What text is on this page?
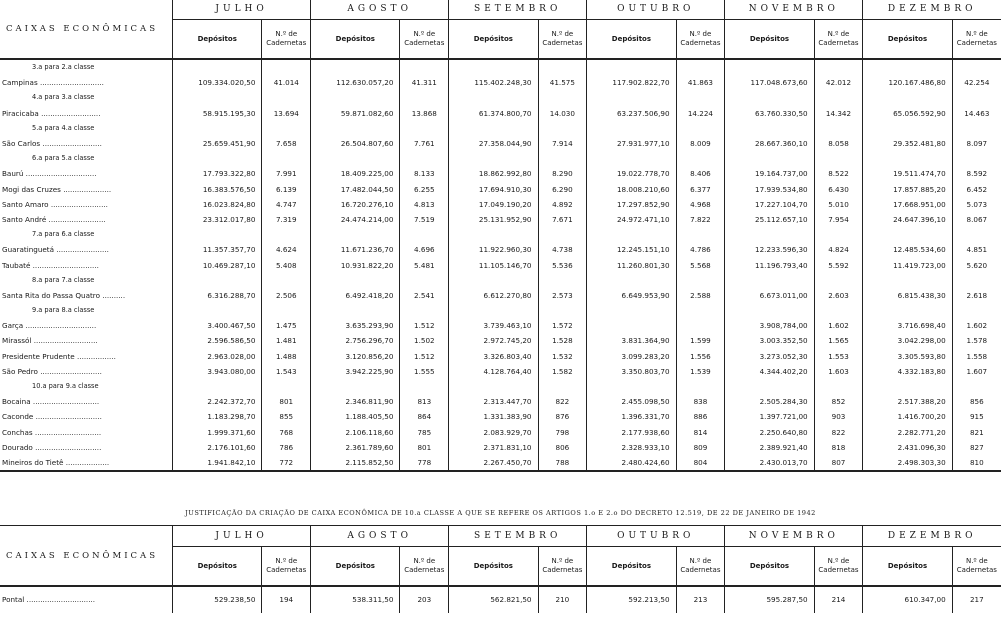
CAIXAS ECONÔMICAS	JULHO		AGOSTO		SETEMBRO		OUTUBRO		NOVEMBRO		DEZEMBRO	
	Depósitos	N.º de Cadernetas	Depósitos	N.º de Cadernetas	Depósitos	N.º de Cadernetas	Depósitos	N.º de Cadernetas	Depósitos	N.º de Cadernetas	Depósitos	N.º de Cadernetas
3.a para 2.a classe												
Campinas ............................	109.334.020,50	41.014	112.630.057,20	41.311	115.402.248,30	41.575	117.902.822,70	41.863	117.048.673,60	42.012	120.167.486,80	42.254
4.a para 3.a classe												
Piracicaba ..........................	58.915.195,30	13.694	59.871.082,60	13.868	61.374.800,70	14.030	63.237.506,90	14.224	63.760.330,50	14.342	65.056.592,90	14.463
5.a para 4.a classe												
São Carlos ..........................	25.659.451,90	7.658	26.504.807,60	7.761	27.358.044,90	7.914	27.931.977,10	8.009	28.667.360,10	8.058	29.352.481,80	8.097
6.a para 5.a classe												
Baurú ...............................	17.793.322,80	7.991	18.409.225,00	8.133	18.862.992,80	8.290	19.022.778,70	8.406	19.164.737,00	8.522	19.511.474,70	8.592
Mogi das Cruzes .....................	16.383.576,50	6.139	17.482.044,50	6.255	17.694.910,30	6.290	18.008.210,60	6.377	17.939.534,80	6.430	17.857.885,20	6.452
Santo Amaro .........................	16.023.824,80	4.747	16.720.276,10	4.813	17.049.190,20	4.892	17.297.852,90	4.968	17.227.104,70	5.010	17.668.951,00	5.073
Santo André .........................	23.312.017,80	7.319	24.474.214,00	7.519	25.131.952,90	7.671	24.972.471,10	7.822	25.112.657,10	7.954	24.647.396,10	8.067
7.a para 6.a classe												
Guaratinguetá .......................	11.357.357,70	4.624	11.671.236,70	4.696	11.922.960,30	4.738	12.245.151,10	4.786	12.233.596,30	4.824	12.485.534,60	4.851
Taubaté .............................	10.469.287,10	5.408	10.931.822,20	5.481	11.105.146,70	5.536	11.260.801,30	5.568	11.196.793,40	5.592	11.419.723,00	5.620
8.a para 7.a classe												
Santa Rita do Passa Quatro ..........	6.316.288,70	2.506	6.492.418,20	2.541	6.612.270,80	2.573	6.649.953,90	2.588	6.673.011,00	2.603	6.815.438,30	2.618
9.a para 8.a classe												
Garça ...............................	3.400.467,50	1.475	3.635.293,90	1.512	3.739.463,10	1.572			3.908,784,00	1.602	3.716.698,40	1.602
Mirassól ............................	2.596.586,50	1.481	2.756.296,70	1.502	2.972.745,20	1.528	3.831.364,90	1.599	3.003.352,50	1.565	3.042.298,00	1.578
Presidente Prudente .................	2.963.028,00	1.488	3.120.856,20	1.512	3.326.803,40	1.532	3.099.283,20	1.556	3.273.052,30	1.553	3.305.593,80	1.558
São Pedro ...........................	3.943.080,00	1.543	3.942.225,90	1.555	4.128.764,40	1.582	3.350.803,70	1.539	4.344.402,20	1.603	4.332.183,80	1.607
10.a para 9.a classe												
Bocaina .............................	2.242.372,70	801	2.346.811,90	813	2.313.447,70	822	2.455.098,50	838	2.505.284,30	852	2.517.388,20	856
Caconde .............................	1.183.298,70	855	1.188.405,50	864	1.331.383,90	876	1.396.331,70	886	1.397.721,00	903	1.416.700,20	915
Conchas .............................	1.999.371,60	768	2.106.118,60	785	2.083.929,70	798	2.177.938,60	814	2.250.640,80	822	2.282.771,20	821
Dourado .............................	2.176.101,60	786	2.361.789,60	801	2.371.831,10	806	2.328.933,10	809	2.389.921,40	818	2.431.096,30	827
Mineiros do Tietê ...................	1.941.842,10	772	2.115.852,50	778	2.267.450,70	788	2.480.424,60	804	2.430.013,70	807	2.498.303,30	810
JUSTIFICAÇÃO DA CRIAÇÃO DE CAIXA ECONÔMICA DE 10.a CLASSE A QUE SE REFERE OS ARTIGOS 1.o E 2.o DO DECRETO 12.519, DE 22 DE JANEIRO DE 1942
CAIXAS ECONÔMICAS	JULHO		AGOSTO		SETEMBRO		OUTUBRO		NOVEMBRO		DEZEMBRO	
	Depósitos	N.º de Cadernetas	Depósitos	N.º de Cadernetas	Depósitos	N.º de Cadernetas	Depósitos	N.º de Cadernetas	Depósitos	N.º de Cadernetas	Depósitos	N.º de Cadernetas
Pontal ..............................	529.238,50	194	538.311,50	203	562.821,50	210	592.213,50	213	595.287,50	214	610.347,00	217
